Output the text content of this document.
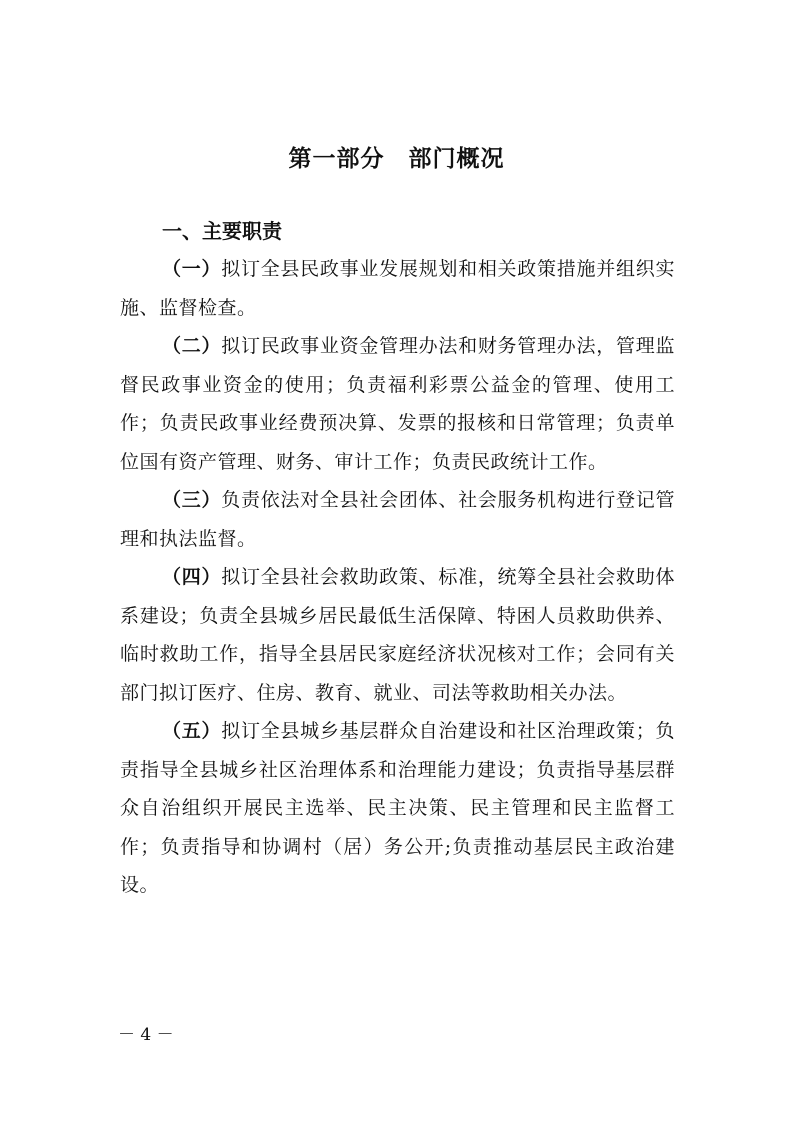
第一部分　部门概况

一、主要职责

（一）拟订全县民政事业发展规划和相关政策措施并组织实施、监督检查。

（二）拟订民政事业资金管理办法和财务管理办法，管理监督民政事业资金的使用；负责福利彩票公益金的管理、使用工作；负责民政事业经费预决算、发票的报核和日常管理；负责单位国有资产管理、财务、审计工作；负责民政统计工作。

（三）负责依法对全县社会团体、社会服务机构进行登记管理和执法监督。

（四）拟订全县社会救助政策、标准，统筹全县社会救助体系建设；负责全县城乡居民最低生活保障、特困人员救助供养、临时救助工作，指导全县居民家庭经济状况核对工作；会同有关部门拟订医疗、住房、教育、就业、司法等救助相关办法。

（五）拟订全县城乡基层群众自治建设和社区治理政策；负责指导全县城乡社区治理体系和治理能力建设；负责指导基层群众自治组织开展民主选举、民主决策、民主管理和民主监督工作；负责指导和协调村（居）务公开;负责推动基层民主政治建设。

－ 4 －
